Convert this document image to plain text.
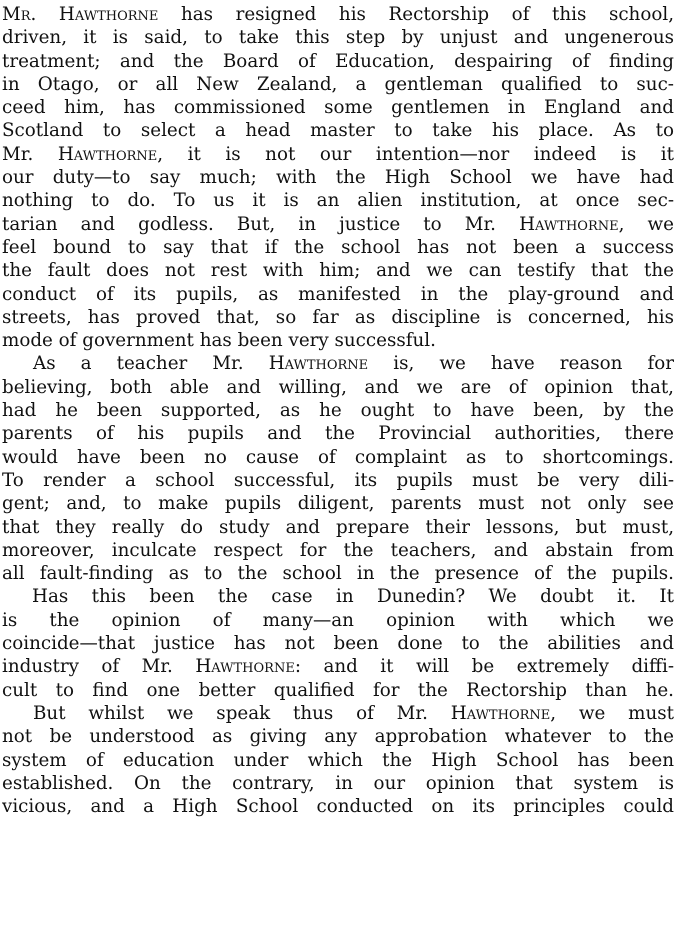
Mr. Hawthorne has resigned his Rectorship of this school,
driven, it is said, to take this step by unjust and ungenerous
treatment; and the Board of Education, despairing of finding
in Otago, or all New Zealand, a gentleman qualified to suc-
ceed him, has commissioned some gentlemen in England and
Scotland to select a head master to take his place. As to
Mr. Hawthorne, it is not our intention—nor indeed is it
our duty—to say much; with the High School we have had
nothing to do. To us it is an alien institution, at once sec-
tarian and godless. But, in justice to Mr. Hawthorne, we
feel bound to say that if the school has not been a success
the fault does not rest with him; and we can testify that the
conduct of its pupils, as manifested in the play-ground and
streets, has proved that, so far as discipline is concerned, his
mode of government has been very successful.
As a teacher Mr. Hawthorne is, we have reason for
believing, both able and willing, and we are of opinion that,
had he been supported, as he ought to have been, by the
parents of his pupils and the Provincial authorities, there
would have been no cause of complaint as to shortcomings.
To render a school successful, its pupils must be very dili-
gent; and, to make pupils diligent, parents must not only see
that they really do study and prepare their lessons, but must,
moreover, inculcate respect for the teachers, and abstain from
all fault-finding as to the school in the presence of the pupils.
Has this been the case in Dunedin? We doubt it. It
is the opinion of many—an opinion with which we
coincide—that justice has not been done to the abilities and
industry of Mr. Hawthorne: and it will be extremely diffi-
cult to find one better qualified for the Rectorship than he.
But whilst we speak thus of Mr. Hawthorne, we must
not be understood as giving any approbation whatever to the
system of education under which the High School has been
established. On the contrary, in our opinion that system is
vicious, and a High School conducted on its principles could
